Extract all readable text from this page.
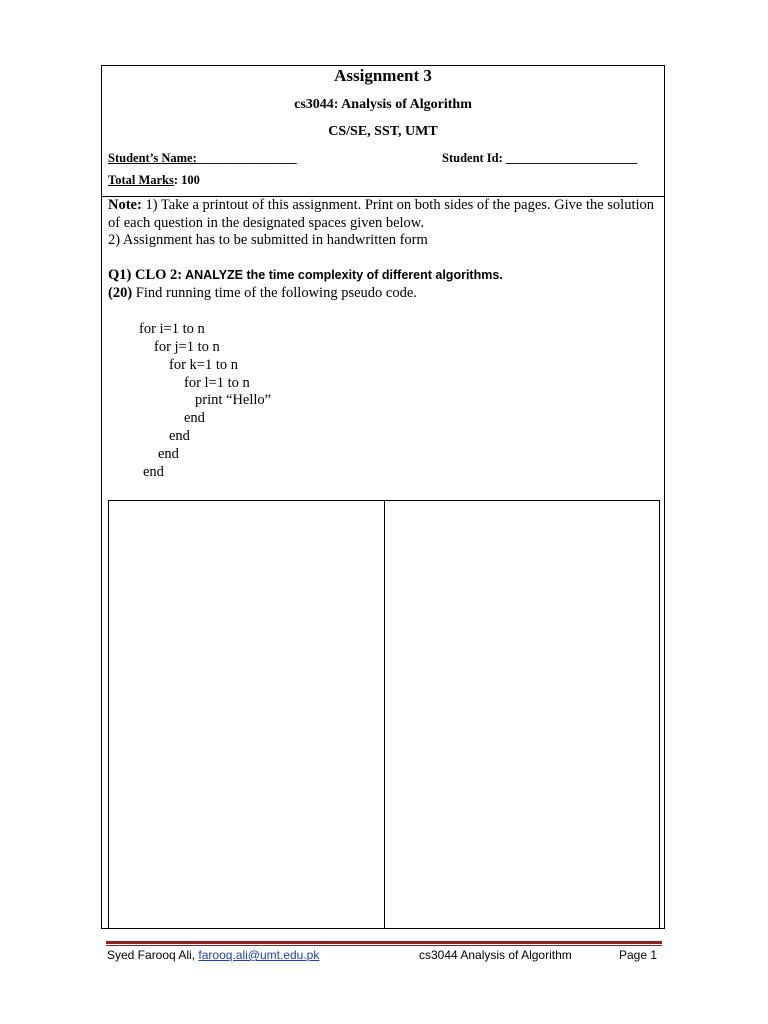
Assignment 3
cs3044: Analysis of Algorithm
CS/SE, SST, UMT
Student’s Name:________________	Student Id: _____________________
Total Marks: 100
Note: 1) Take a printout of this assignment. Print on both sides of the pages. Give the solution of each question in the designated spaces given below.
2) Assignment has to be submitted in handwritten form
Q1) CLO 2: ANALYZE the time complexity of different algorithms.
(20) Find running time of the following pseudo code.
for i=1 to n
for j=1 to n
for k=1 to n
for l=1 to n
print “Hello”
end
end
end
end
Syed Farooq Ali, farooq.ali@umt.edu.pk	cs3044 Analysis of Algorithm	Page 1
